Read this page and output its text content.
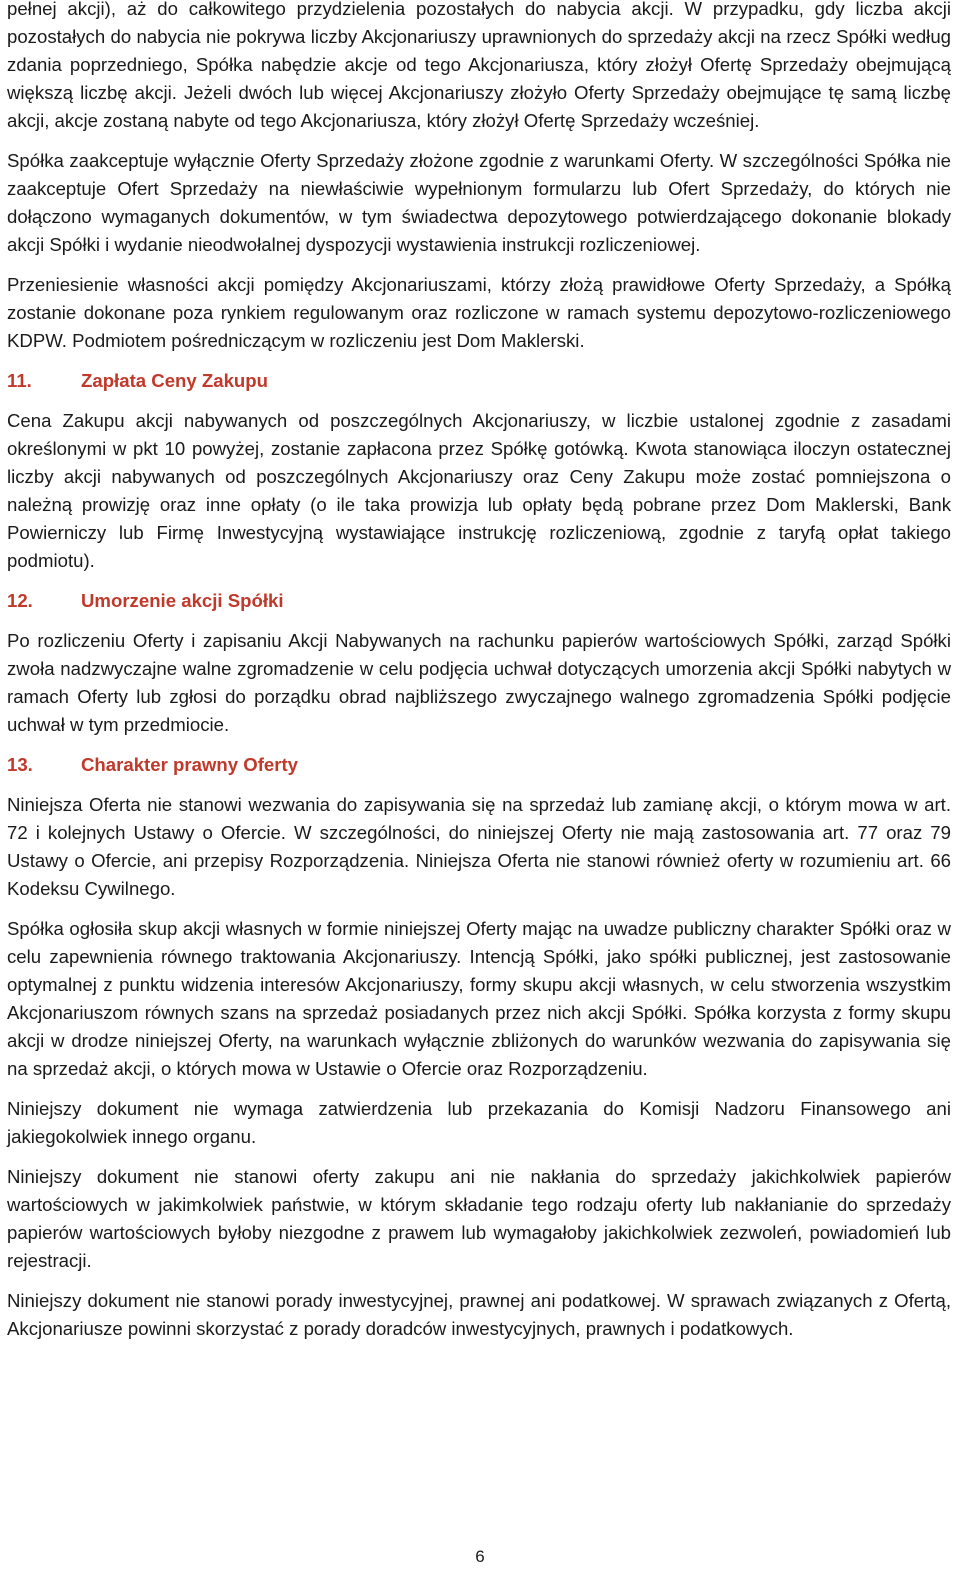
pełnej akcji), aż do całkowitego przydzielenia pozostałych do nabycia akcji. W przypadku, gdy liczba akcji pozostałych do nabycia nie pokrywa liczby Akcjonariuszy uprawnionych do sprzedaży akcji na rzecz Spółki według zdania poprzedniego, Spółka nabędzie akcje od tego Akcjonariusza, który złożył Ofertę Sprzedaży obejmującą większą liczbę akcji. Jeżeli dwóch lub więcej Akcjonariuszy złożyło Oferty Sprzedaży obejmujące tę samą liczbę akcji, akcje zostaną nabyte od tego Akcjonariusza, który złożył Ofertę Sprzedaży wcześniej.

Spółka zaakceptuje wyłącznie Oferty Sprzedaży złożone zgodnie z warunkami Oferty. W szczególności Spółka nie zaakceptuje Ofert Sprzedaży na niewłaściwie wypełnionym formularzu lub Ofert Sprzedaży, do których nie dołączono wymaganych dokumentów, w tym świadectwa depozytowego potwierdzającego dokonanie blokady akcji Spółki i wydanie nieodwołalnej dyspozycji wystawienia instrukcji rozliczeniowej.

Przeniesienie własności akcji pomiędzy Akcjonariuszami, którzy złożą prawidłowe Oferty Sprzedaży, a Spółką zostanie dokonane poza rynkiem regulowanym oraz rozliczone w ramach systemu depozytowo-rozliczeniowego KDPW. Podmiotem pośredniczącym w rozliczeniu jest Dom Maklerski.

11.	Zapłata Ceny Zakupu

Cena Zakupu akcji nabywanych od poszczególnych Akcjonariuszy, w liczbie ustalonej zgodnie z zasadami określonymi w pkt 10 powyżej, zostanie zapłacona przez Spółkę gotówką. Kwota stanowiąca iloczyn ostatecznej liczby akcji nabywanych od poszczególnych Akcjonariuszy oraz Ceny Zakupu może zostać pomniejszona o należną prowizję oraz inne opłaty (o ile taka prowizja lub opłaty będą pobrane przez Dom Maklerski, Bank Powierniczy lub Firmę Inwestycyjną wystawiające instrukcję rozliczeniową, zgodnie z taryfą opłat takiego podmiotu).

12.	Umorzenie akcji Spółki

Po rozliczeniu Oferty i zapisaniu Akcji Nabywanych na rachunku papierów wartościowych Spółki, zarząd Spółki zwoła nadzwyczajne walne zgromadzenie w celu podjęcia uchwał dotyczących umorzenia akcji Spółki nabytych w ramach Oferty lub zgłosi do porządku obrad najbliższego zwyczajnego walnego zgromadzenia Spółki podjęcie uchwał w tym przedmiocie.

13.	Charakter prawny Oferty

Niniejsza Oferta nie stanowi wezwania do zapisywania się na sprzedaż lub zamianę akcji, o którym mowa w art. 72 i kolejnych Ustawy o Ofercie. W szczególności, do niniejszej Oferty nie mają zastosowania art. 77 oraz 79 Ustawy o Ofercie, ani przepisy Rozporządzenia. Niniejsza Oferta nie stanowi również oferty w rozumieniu art. 66 Kodeksu Cywilnego.

Spółka ogłosiła skup akcji własnych w formie niniejszej Oferty mając na uwadze publiczny charakter Spółki oraz w celu zapewnienia równego traktowania Akcjonariuszy. Intencją Spółki, jako spółki publicznej, jest zastosowanie optymalnej z punktu widzenia interesów Akcjonariuszy, formy skupu akcji własnych, w celu stworzenia wszystkim Akcjonariuszom równych szans na sprzedaż posiadanych przez nich akcji Spółki. Spółka korzysta z formy skupu akcji w drodze niniejszej Oferty, na warunkach wyłącznie zbliżonych do warunków wezwania do zapisywania się na sprzedaż akcji, o których mowa w Ustawie o Ofercie oraz Rozporządzeniu.

Niniejszy dokument nie wymaga zatwierdzenia lub przekazania do Komisji Nadzoru Finansowego ani jakiegokolwiek innego organu.

Niniejszy dokument nie stanowi oferty zakupu ani nie nakłania do sprzedaży jakichkolwiek papierów wartościowych w jakimkolwiek państwie, w którym składanie tego rodzaju oferty lub nakłanianie do sprzedaży papierów wartościowych byłoby niezgodne z prawem lub wymagałoby jakichkolwiek zezwoleń, powiadomień lub rejestracji.

Niniejszy dokument nie stanowi porady inwestycyjnej, prawnej ani podatkowej. W sprawach związanych z Ofertą, Akcjonariusze powinni skorzystać z porady doradców inwestycyjnych, prawnych i podatkowych.

6
